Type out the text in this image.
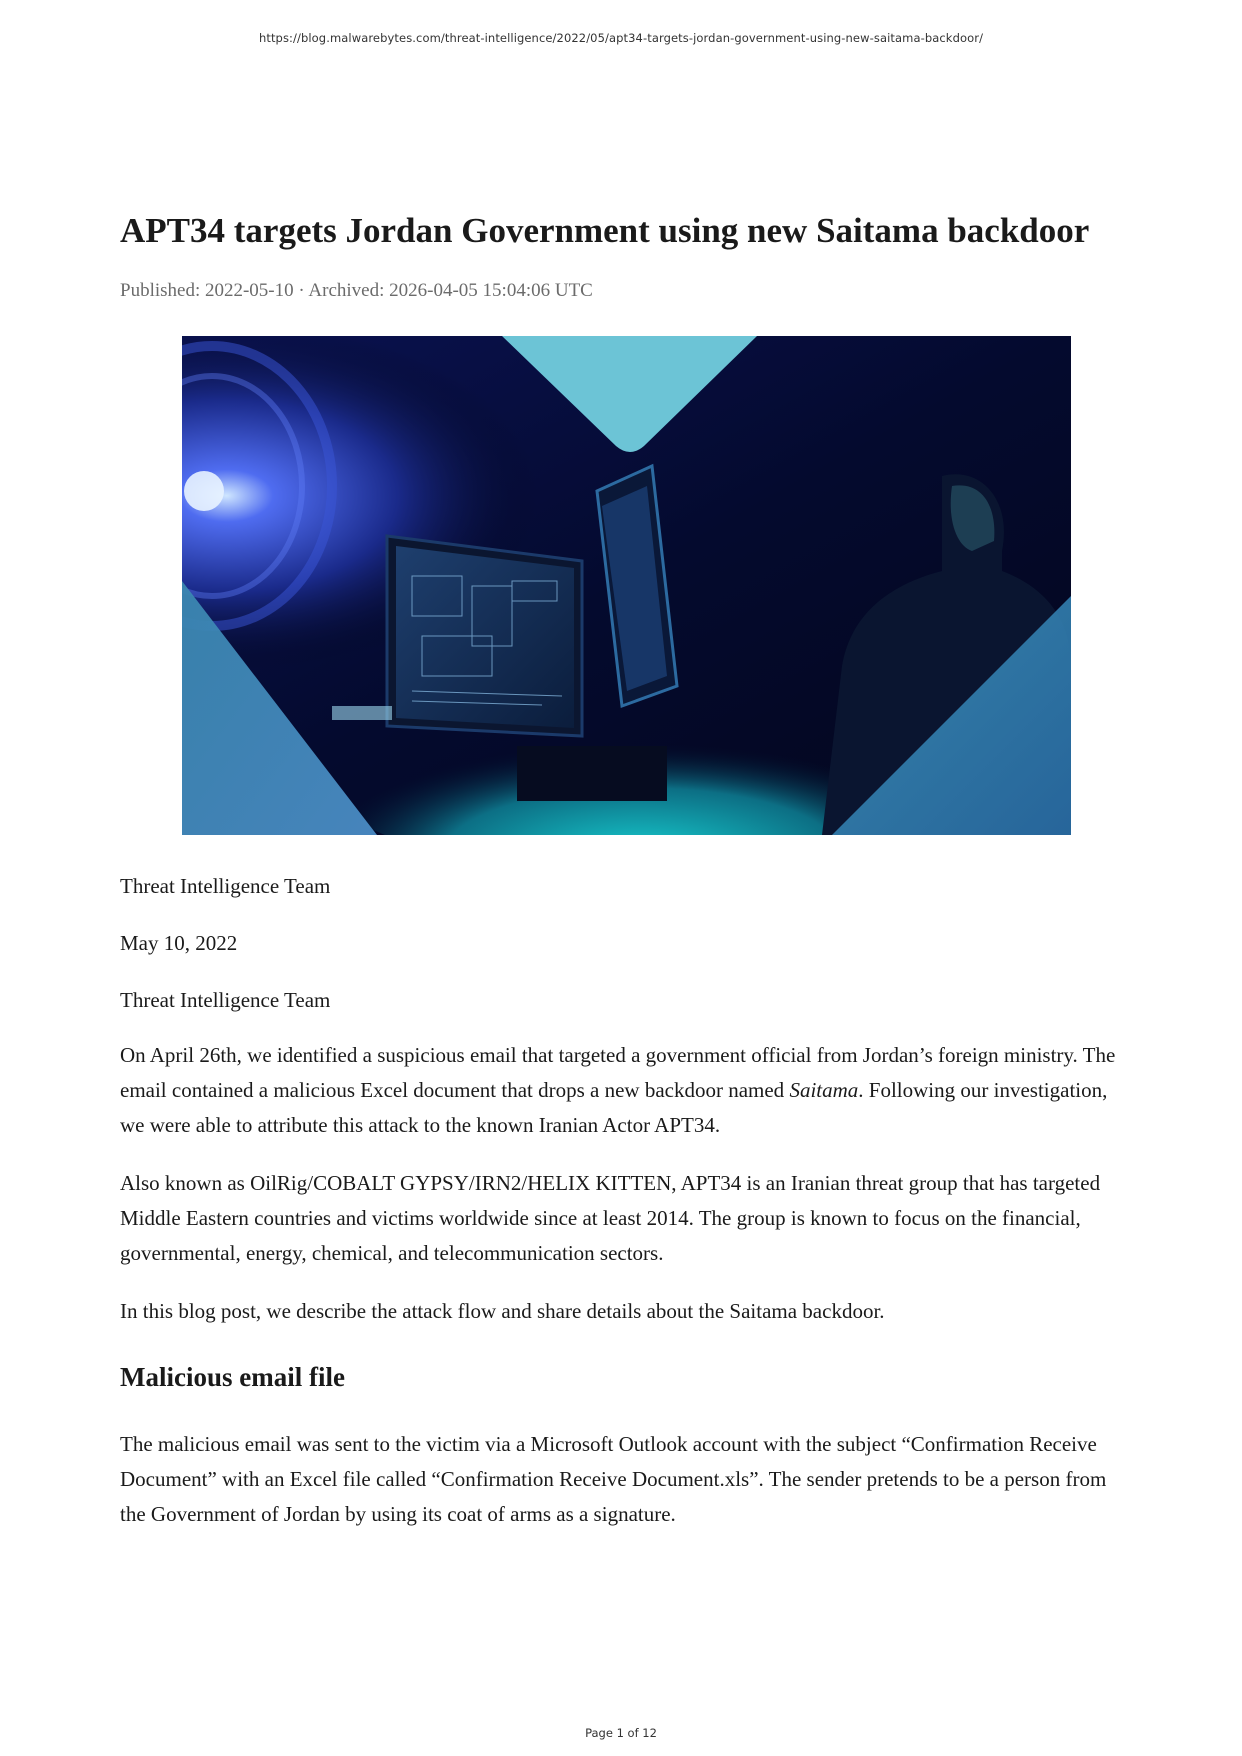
https://blog.malwarebytes.com/threat-intelligence/2022/05/apt34-targets-jordan-government-using-new-saitama-backdoor/
APT34 targets Jordan Government using new Saitama backdoor
Published: 2022-05-10 · Archived: 2026-04-05 15:04:06 UTC

Threat Intelligence Team

May 10, 2022

Threat Intelligence Team

On April 26th, we identified a suspicious email that targeted a government official from Jordan’s foreign ministry. The email contained a malicious Excel document that drops a new backdoor named Saitama. Following our investigation, we were able to attribute this attack to the known Iranian Actor APT34.

Also known as OilRig/COBALT GYPSY/IRN2/HELIX KITTEN, APT34 is an Iranian threat group that has targeted Middle Eastern countries and victims worldwide since at least 2014. The group is known to focus on the financial, governmental, energy, chemical, and telecommunication sectors.

In this blog post, we describe the attack flow and share details about the Saitama backdoor.

Malicious email file

The malicious email was sent to the victim via a Microsoft Outlook account with the subject “Confirmation Receive Document” with an Excel file called “Confirmation Receive Document.xls”. The sender pretends to be a person from the Government of Jordan by using its coat of arms as a signature.

Page 1 of 12
